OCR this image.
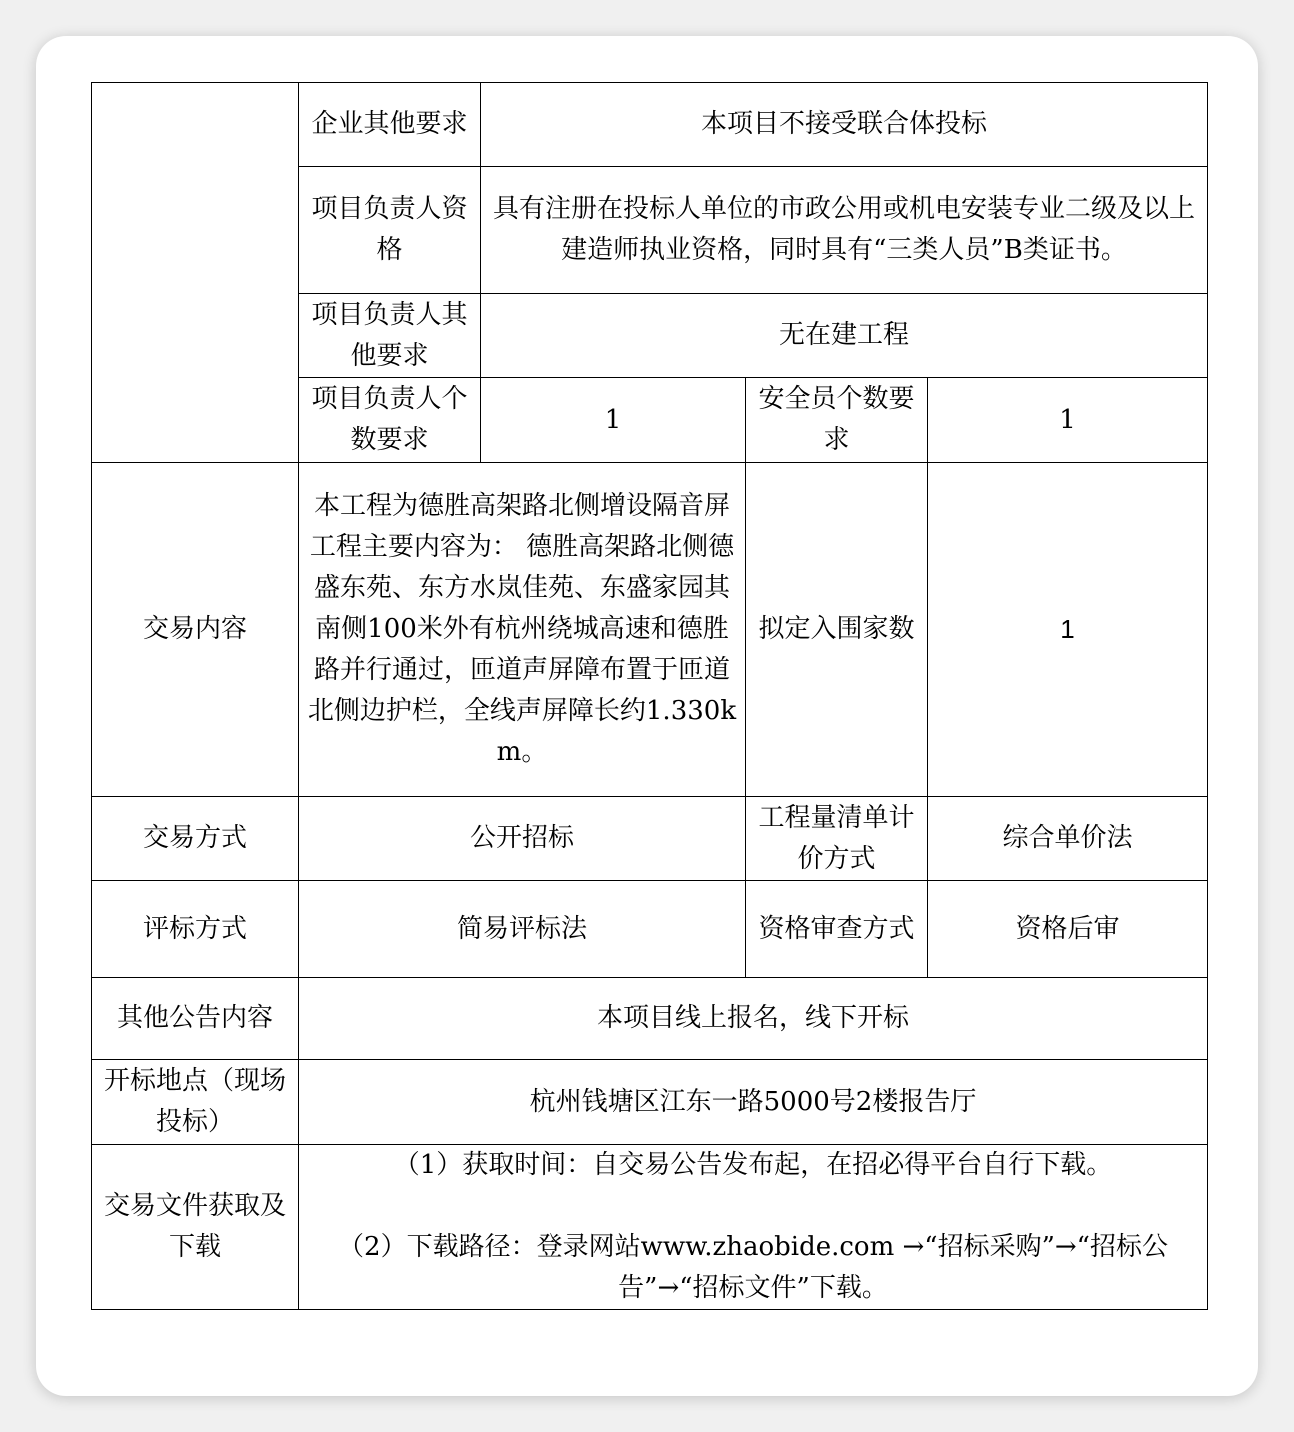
	企业其他要求	本项目不接受联合体投标		
	项目负责人资格	具有注册在投标人单位的市政公用或机电安装专业二级及以上建造师执业资格，同时具有“三类人员”B类证书。		
	项目负责人其他要求	无在建工程		
	项目负责人个数要求	1	安全员个数要求	1
交易内容	本工程为德胜高架路北侧增设隔音屏工程主要内容为： 德胜高架路北侧德盛东苑、东方水岚佳苑、东盛家园其南侧100米外有杭州绕城高速和德胜路并行通过，匝道声屏障布置于匝道北侧边护栏，全线声屏障长约1.330km。		拟定入围家数	1
交易方式	公开招标		工程量清单计价方式	综合单价法
评标方式	简易评标法		资格审查方式	资格后审
其他公告内容	本项目线上报名，线下开标			
开标地点（现场投标）	杭州钱塘区江东一路5000号2楼报告厅			
交易文件获取及下载	（1）获取时间：自交易公告发布起，在招必得平台自行下载。
（2）下载路径：登录网站www.zhaobide.com →“招标采购”→“招标公告”→“招标文件”下载。			
